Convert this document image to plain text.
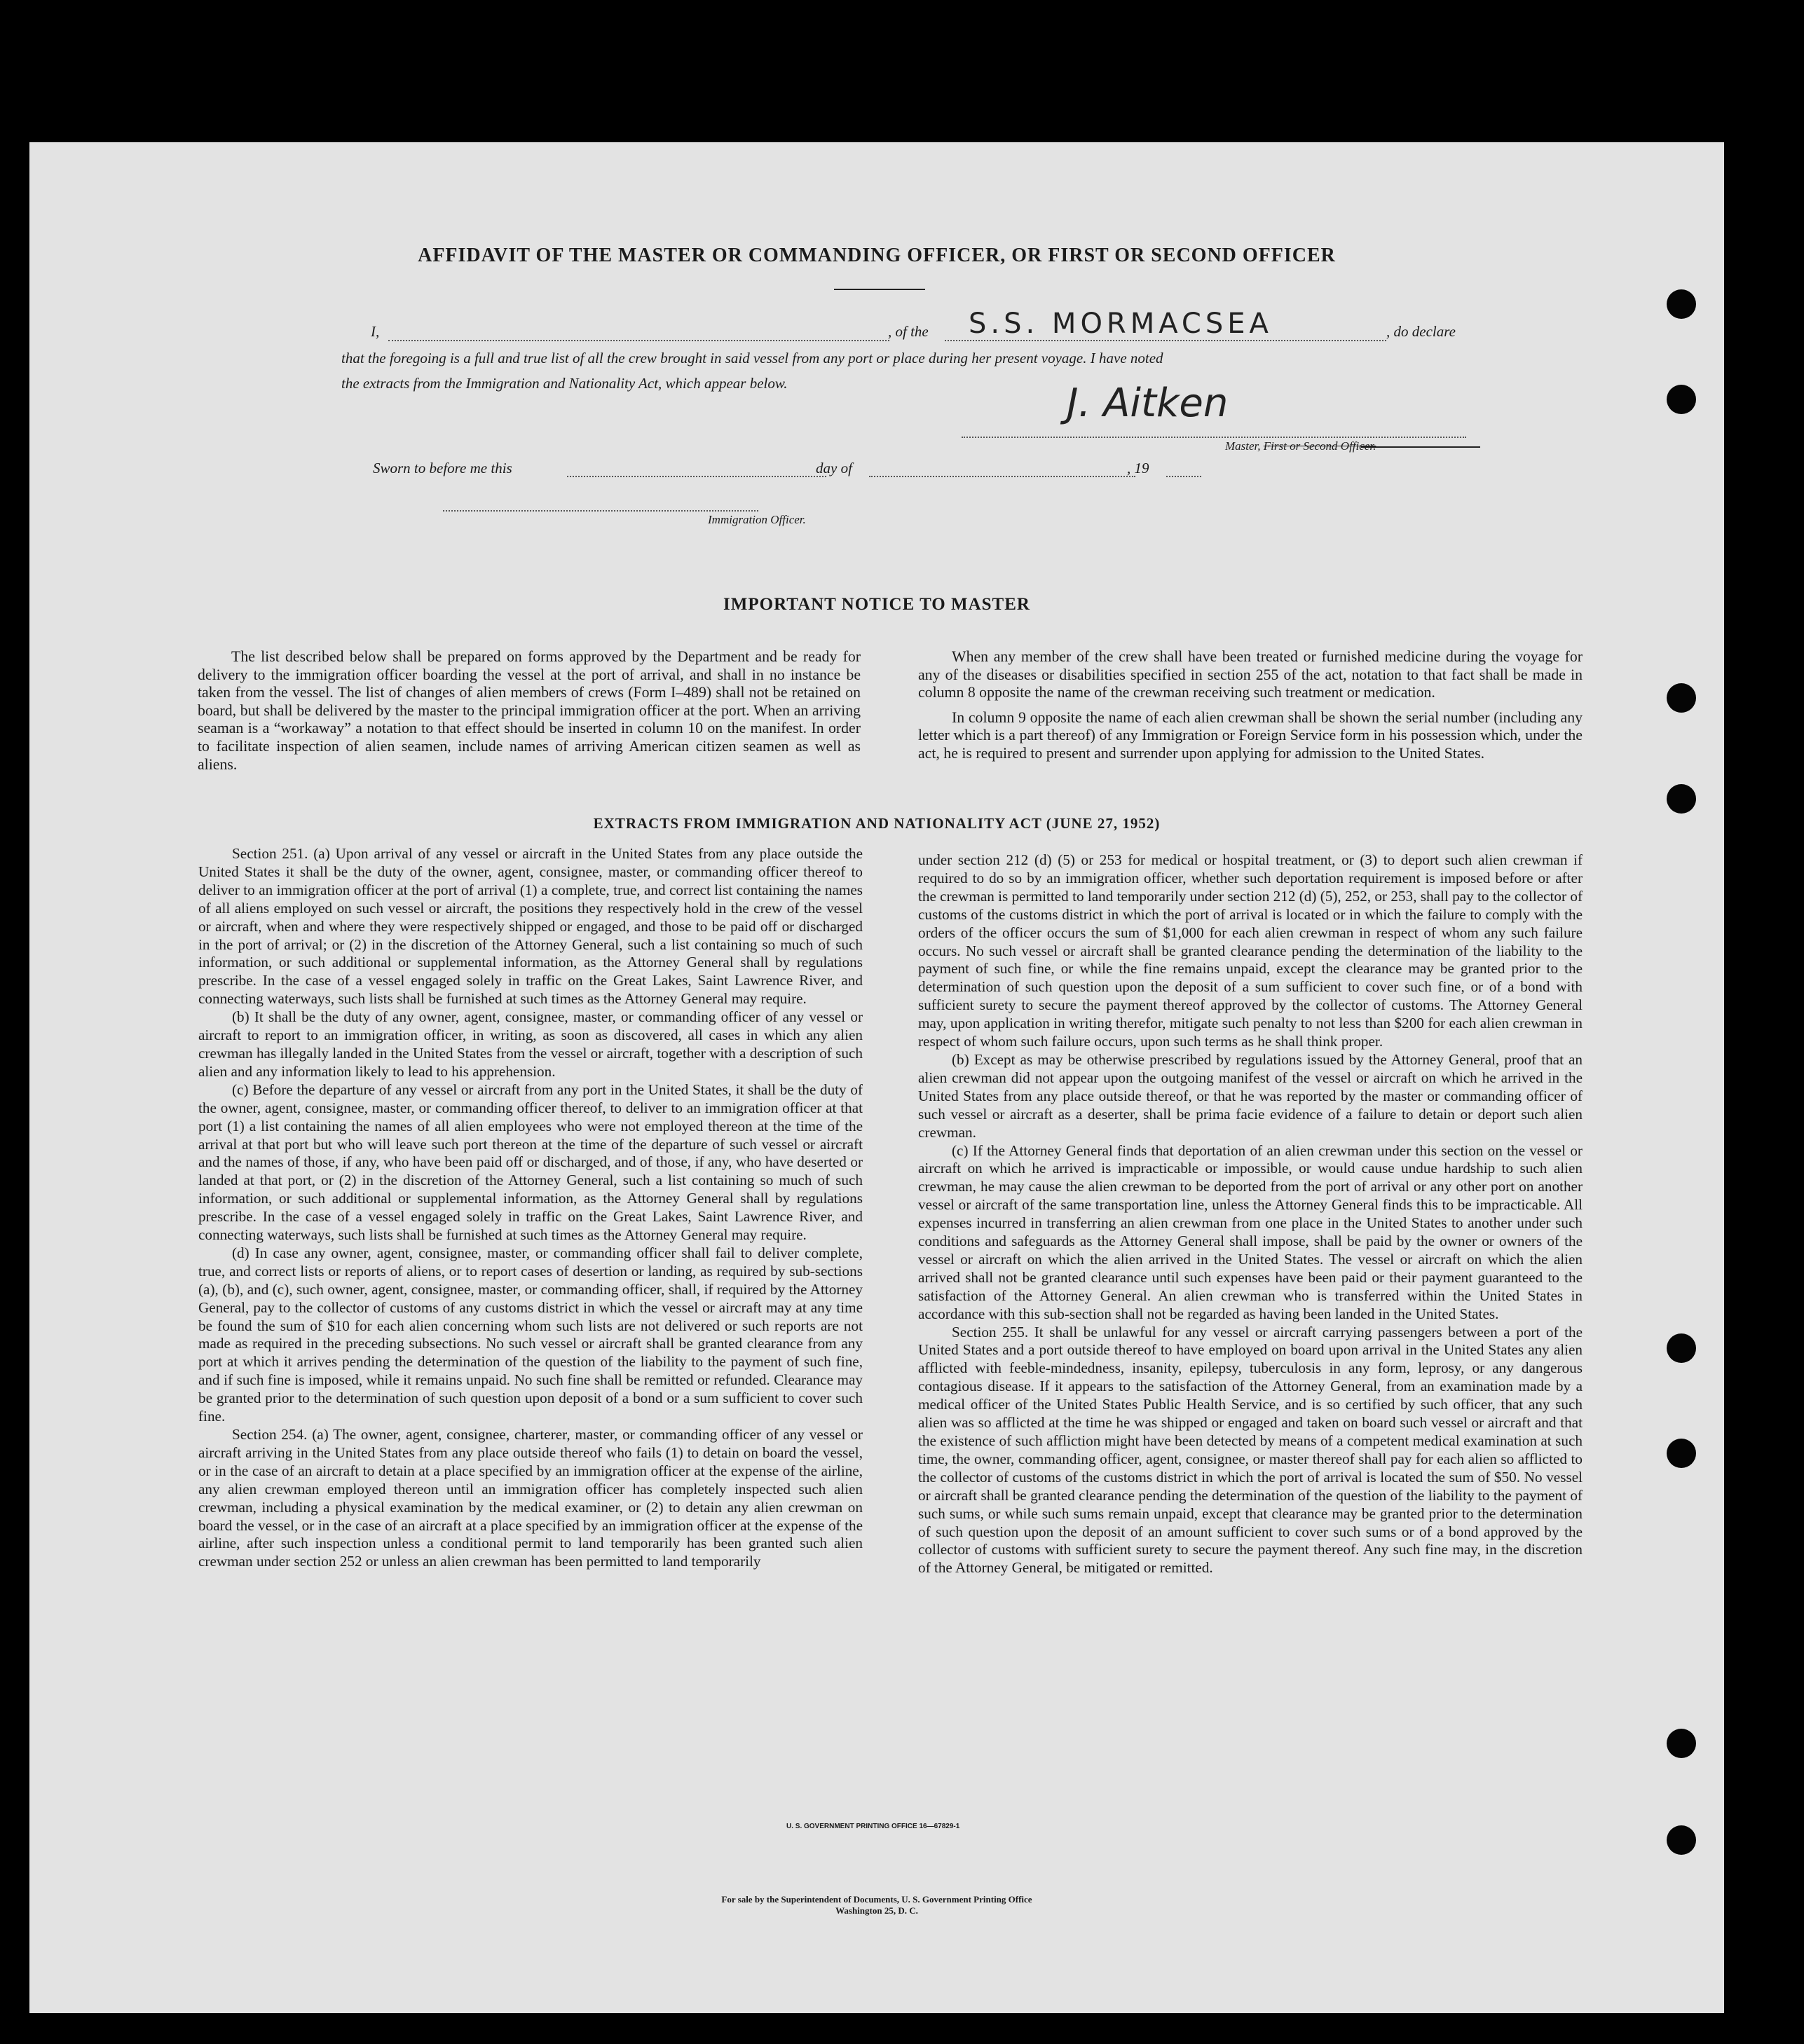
AFFIDAVIT OF THE MASTER OR COMMANDING OFFICER, OR FIRST OR SECOND OFFICER
I,	, of the S.S. MORMACSEA	, do declare
that the foregoing is a full and true list of all the crew brought in said vessel from any port or place during her present voyage. I have noted
the extracts from the Immigration and Nationality Act, which appear below.	J. Aitken
Master, First or Second Officer.
Sworn to before me this	day of	, 19
Immigration Officer.
IMPORTANT NOTICE TO MASTER

The list described below shall be prepared on forms approved by the Department and be ready for delivery to the immigration officer boarding the vessel at the port of arrival, and shall in no instance be taken from the vessel. The list of changes of alien members of crews (Form I–489) shall not be retained on board, but shall be delivered by the master to the principal immigration officer at the port. When an arriving seaman is a “workaway” a notation to that effect should be inserted in column 10 on the manifest. In order to facilitate inspection of alien seamen, include names of arriving American citizen seamen as well as aliens.

When any member of the crew shall have been treated or furnished medicine during the voyage for any of the diseases or disabilities specified in section 255 of the act, notation to that fact shall be made in column 8 opposite the name of the crewman receiving such treatment or medication.

In column 9 opposite the name of each alien crewman shall be shown the serial number (including any letter which is a part thereof) of any Immigration or Foreign Service form in his possession which, under the act, he is required to present and surrender upon applying for admission to the United States.

EXTRACTS FROM IMMIGRATION AND NATIONALITY ACT (JUNE 27, 1952)

Section 251. (a) Upon arrival of any vessel or aircraft in the United States from any place outside the United States it shall be the duty of the owner, agent, consignee, master, or commanding officer thereof to deliver to an immigration officer at the port of arrival (1) a complete, true, and correct list containing the names of all aliens employed on such vessel or aircraft, the positions they respectively hold in the crew of the vessel or aircraft, when and where they were respectively shipped or engaged, and those to be paid off or discharged in the port of arrival; or (2) in the discretion of the Attorney General, such a list containing so much of such information, or such additional or supplemental information, as the Attorney General shall by regulations prescribe. In the case of a vessel engaged solely in traffic on the Great Lakes, Saint Lawrence River, and connecting waterways, such lists shall be furnished at such times as the Attorney General may require.

(b) It shall be the duty of any owner, agent, consignee, master, or commanding officer of any vessel or aircraft to report to an immigration officer, in writing, as soon as discovered, all cases in which any alien crewman has illegally landed in the United States from the vessel or aircraft, together with a description of such alien and any information likely to lead to his apprehension.

(c) Before the departure of any vessel or aircraft from any port in the United States, it shall be the duty of the owner, agent, consignee, master, or commanding officer thereof, to deliver to an immigration officer at that port (1) a list containing the names of all alien employees who were not employed thereon at the time of the arrival at that port but who will leave such port thereon at the time of the departure of such vessel or aircraft and the names of those, if any, who have been paid off or discharged, and of those, if any, who have deserted or landed at that port, or (2) in the discretion of the Attorney General, such a list containing so much of such information, or such additional or supplemental information, as the Attorney General shall by regulations prescribe. In the case of a vessel engaged solely in traffic on the Great Lakes, Saint Lawrence River, and connecting waterways, such lists shall be furnished at such times as the Attorney General may require.

(d) In case any owner, agent, consignee, master, or commanding officer shall fail to deliver complete, true, and correct lists or reports of aliens, or to report cases of desertion or landing, as required by sub-sections (a), (b), and (c), such owner, agent, consignee, master, or commanding officer, shall, if required by the Attorney General, pay to the collector of customs of any customs district in which the vessel or aircraft may at any time be found the sum of $10 for each alien concerning whom such lists are not delivered or such reports are not made as required in the preceding subsections. No such vessel or aircraft shall be granted clearance from any port at which it arrives pending the determination of the question of the liability to the payment of such fine, and if such fine is imposed, while it remains unpaid. No such fine shall be remitted or refunded. Clearance may be granted prior to the determination of such question upon deposit of a bond or a sum sufficient to cover such fine.

Section 254. (a) The owner, agent, consignee, charterer, master, or commanding officer of any vessel or aircraft arriving in the United States from any place outside thereof who fails (1) to detain on board the vessel, or in the case of an aircraft to detain at a place specified by an immigration officer at the expense of the airline, any alien crewman employed thereon until an immigration officer has completely inspected such alien crewman, including a physical examination by the medical examiner, or (2) to detain any alien crewman on board the vessel, or in the case of an aircraft at a place specified by an immigration officer at the expense of the airline, after such inspection unless a conditional permit to land temporarily has been granted such alien crewman under section 252 or unless an alien crewman has been permitted to land temporarily

under section 212 (d) (5) or 253 for medical or hospital treatment, or (3) to deport such alien crewman if required to do so by an immigration officer, whether such deportation requirement is imposed before or after the crewman is permitted to land temporarily under section 212 (d) (5), 252, or 253, shall pay to the collector of customs of the customs district in which the port of arrival is located or in which the failure to comply with the orders of the officer occurs the sum of $1,000 for each alien crewman in respect of whom any such failure occurs. No such vessel or aircraft shall be granted clearance pending the determination of the liability to the payment of such fine, or while the fine remains unpaid, except the clearance may be granted prior to the determination of such question upon the deposit of a sum sufficient to cover such fine, or of a bond with sufficient surety to secure the payment thereof approved by the collector of customs. The Attorney General may, upon application in writing therefor, mitigate such penalty to not less than $200 for each alien crewman in respect of whom such failure occurs, upon such terms as he shall think proper.

(b) Except as may be otherwise prescribed by regulations issued by the Attorney General, proof that an alien crewman did not appear upon the outgoing manifest of the vessel or aircraft on which he arrived in the United States from any place outside thereof, or that he was reported by the master or commanding officer of such vessel or aircraft as a deserter, shall be prima facie evidence of a failure to detain or deport such alien crewman.

(c) If the Attorney General finds that deportation of an alien crewman under this section on the vessel or aircraft on which he arrived is impracticable or impossible, or would cause undue hardship to such alien crewman, he may cause the alien crewman to be deported from the port of arrival or any other port on another vessel or aircraft of the same transportation line, unless the Attorney General finds this to be impracticable. All expenses incurred in transferring an alien crewman from one place in the United States to another under such conditions and safeguards as the Attorney General shall impose, shall be paid by the owner or owners of the vessel or aircraft on which the alien arrived in the United States. The vessel or aircraft on which the alien arrived shall not be granted clearance until such expenses have been paid or their payment guaranteed to the satisfaction of the Attorney General. An alien crewman who is transferred within the United States in accordance with this sub-section shall not be regarded as having been landed in the United States.

Section 255. It shall be unlawful for any vessel or aircraft carrying passengers between a port of the United States and a port outside thereof to have employed on board upon arrival in the United States any alien afflicted with feeble-mindedness, insanity, epilepsy, tuberculosis in any form, leprosy, or any dangerous contagious disease. If it appears to the satisfaction of the Attorney General, from an examination made by a medical officer of the United States Public Health Service, and is so certified by such officer, that any such alien was so afflicted at the time he was shipped or engaged and taken on board such vessel or aircraft and that the existence of such affliction might have been detected by means of a competent medical examination at such time, the owner, commanding officer, agent, consignee, or master thereof shall pay for each alien so afflicted to the collector of customs of the customs district in which the port of arrival is located the sum of $50. No vessel or aircraft shall be granted clearance pending the determination of the question of the liability to the payment of such sums, or while such sums remain unpaid, except that clearance may be granted prior to the determination of such question upon the deposit of an amount sufficient to cover such sums or of a bond approved by the collector of customs with sufficient surety to secure the payment thereof. Any such fine may, in the discretion of the Attorney General, be mitigated or remitted.

U. S. GOVERNMENT PRINTING OFFICE 16—67829-1
For sale by the Superintendent of Documents, U. S. Government Printing Office
Washington 25, D. C.
